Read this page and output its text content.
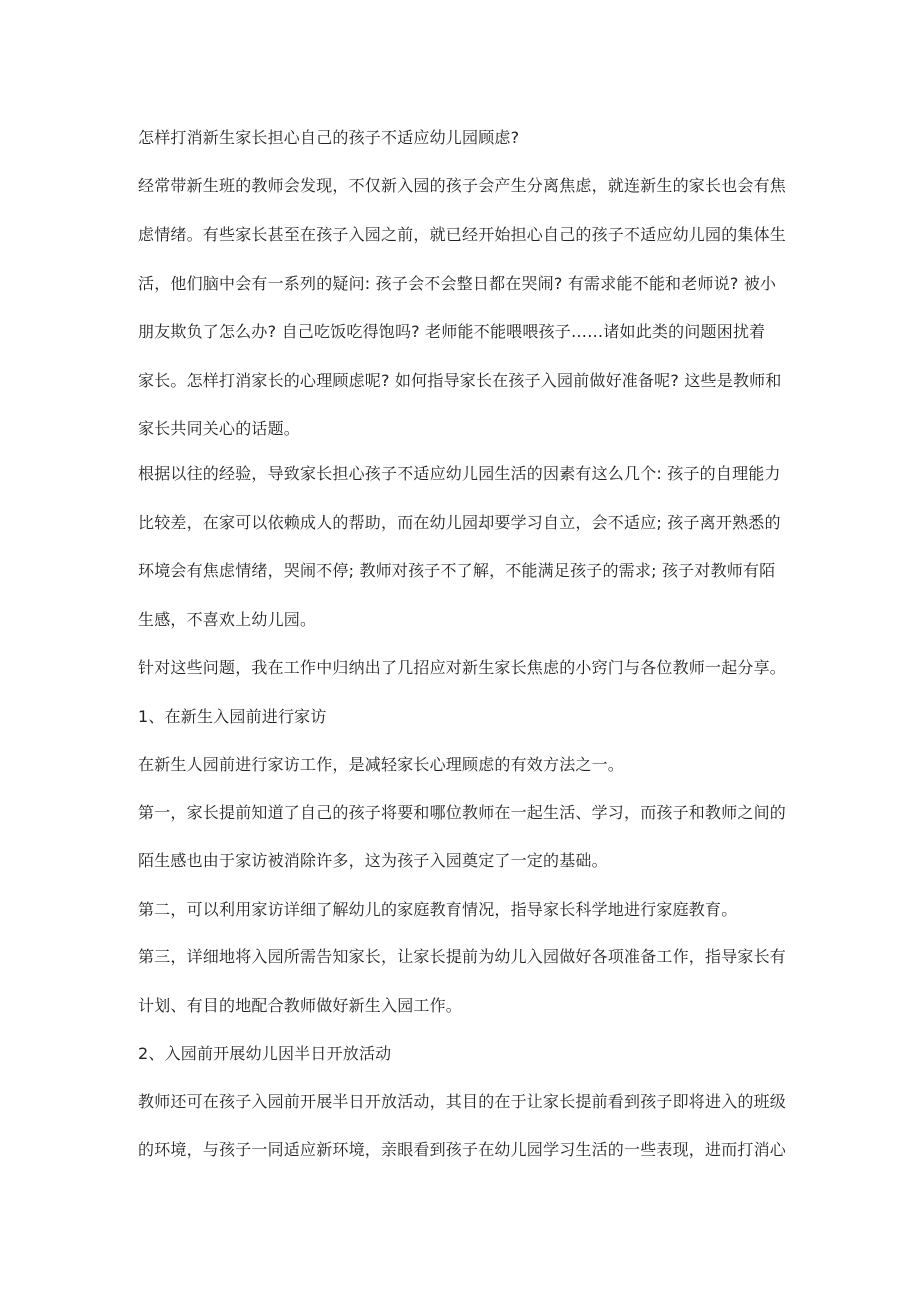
怎样打消新生家长担心自己的孩子不适应幼儿园顾虑?
经常带新生班的教师会发现，不仅新入园的孩子会产生分离焦虑，就连新生的家长也会有焦
虑情绪。有些家长甚至在孩子入园之前，就已经开始担心自己的孩子不适应幼儿园的集体生
活，他们脑中会有一系列的疑问: 孩子会不会整日都在哭闹? 有需求能不能和老师说? 被小
朋友欺负了怎么办? 自己吃饭吃得饱吗? 老师能不能喂喂孩子……诸如此类的问题困扰着
家长。怎样打消家长的心理顾虑呢? 如何指导家长在孩子入园前做好准备呢? 这些是教师和
家长共同关心的话题。
根据以往的经验，导致家长担心孩子不适应幼儿园生活的因素有这么几个: 孩子的自理能力
比较差，在家可以依赖成人的帮助，而在幼儿园却要学习自立，会不适应; 孩子离开熟悉的
环境会有焦虑情绪，哭闹不停; 教师对孩子不了解，不能满足孩子的需求; 孩子对教师有陌
生感，不喜欢上幼儿园。
针对这些问题，我在工作中归纳出了几招应对新生家长焦虑的小窍门与各位教师一起分享。
1、在新生入园前进行家访
在新生人园前进行家访工作，是减轻家长心理顾虑的有效方法之一。
第一，家长提前知道了自己的孩子将要和哪位教师在一起生活、学习，而孩子和教师之间的
陌生感也由于家访被消除许多，这为孩子入园奠定了一定的基础。
第二，可以利用家访详细了解幼儿的家庭教育情况，指导家长科学地进行家庭教育。
第三，详细地将入园所需告知家长，让家长提前为幼儿入园做好各项准备工作，指导家长有
计划、有目的地配合教师做好新生入园工作。
2、入园前开展幼儿因半日开放活动
教师还可在孩子入园前开展半日开放活动，其目的在于让家长提前看到孩子即将进入的班级
的环境，与孩子一同适应新环境，亲眼看到孩子在幼儿园学习生活的一些表现，进而打消心
